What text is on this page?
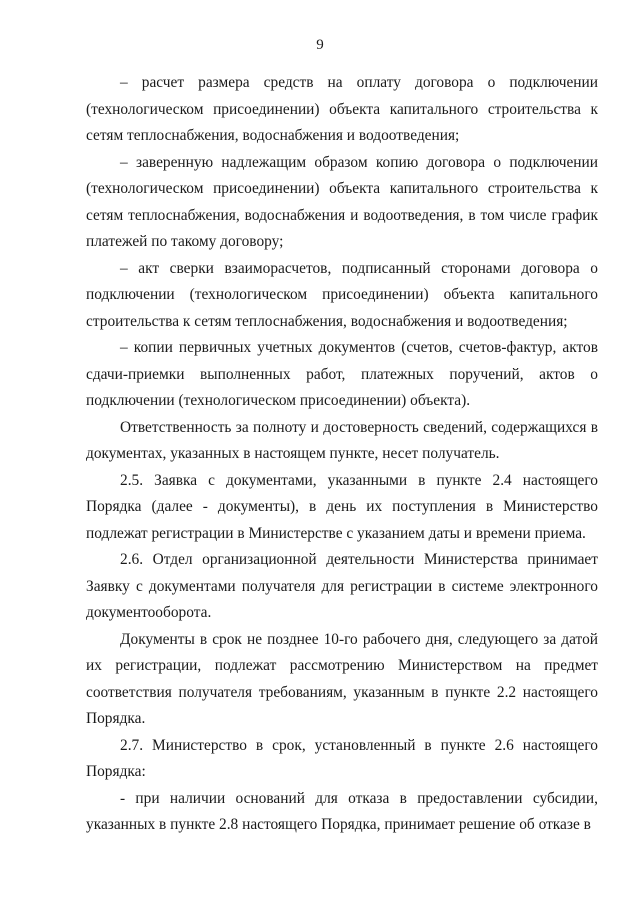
9

– расчет размера средств на оплату договора о подключении (технологическом присоединении) объекта капитального строительства к сетям теплоснабжения, водоснабжения и водоотведения;

– заверенную надлежащим образом копию договора о подключении (технологическом присоединении) объекта капитального строительства к сетям теплоснабжения, водоснабжения и водоотведения, в том числе график платежей по такому договору;

– акт сверки взаиморасчетов, подписанный сторонами договора о подключении (технологическом присоединении) объекта капитального строительства к сетям теплоснабжения, водоснабжения и водоотведения;

– копии первичных учетных документов (счетов, счетов-фактур, актов сдачи-приемки выполненных работ, платежных поручений, актов о подключении (технологическом присоединении) объекта).

Ответственность за полноту и достоверность сведений, содержащихся в документах, указанных в настоящем пункте, несет получатель.

2.5. Заявка с документами, указанными в пункте 2.4 настоящего Порядка (далее - документы), в день их поступления в Министерство подлежат регистрации в Министерстве с указанием даты и времени приема.

2.6. Отдел организационной деятельности Министерства принимает Заявку с документами получателя для регистрации в системе электронного документооборота.

Документы в срок не позднее 10-го рабочего дня, следующего за датой их регистрации, подлежат рассмотрению Министерством на предмет соответствия получателя требованиям, указанным в пункте 2.2 настоящего Порядка.

2.7. Министерство в срок, установленный в пункте 2.6 настоящего Порядка:

- при наличии оснований для отказа в предоставлении субсидии, указанных в пункте 2.8 настоящего Порядка, принимает решение об отказе в
